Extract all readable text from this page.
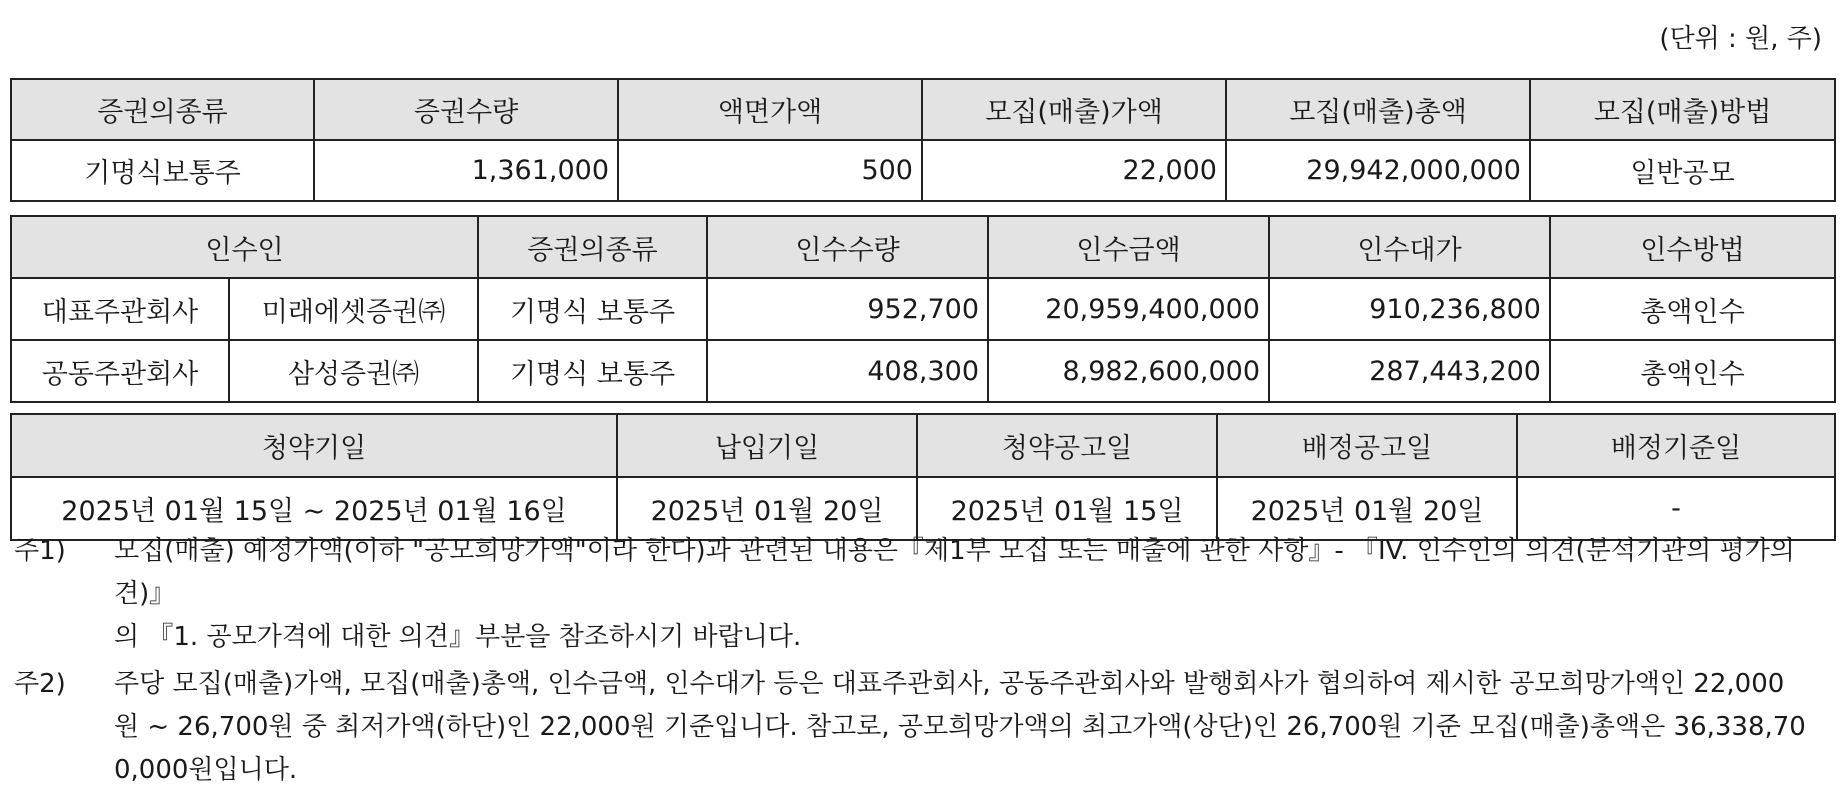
(단위 : 원, 주)
증권의종류	증권수량	액면가액	모집(매출)가액	모집(매출)총액	모집(매출)방법
기명식보통주	1,361,000	500	22,000	29,942,000,000	일반공모
인수인		증권의종류	인수수량	인수금액	인수대가	인수방법
대표주관회사	미래에셋증권㈜	기명식 보통주	952,700	20,959,400,000	910,236,800	총액인수
공동주관회사	삼성증권㈜	기명식 보통주	408,300	8,982,600,000	287,443,200	총액인수
청약기일	납입기일	청약공고일	배정공고일	배정기준일
2025년 01월 15일 ~ 2025년 01월 16일	2025년 01월 20일	2025년 01월 15일	2025년 01월 20일	-
주1) 모집(매출) 예정가액(이하 "공모희망가액"이라 한다)과 관련된 내용은『제1부 모집 또는 매출에 관한 사항』- 『IV. 인수인의 의견(분석기관의 평가의견)』
의 『1. 공모가격에 대한 의견』부분을 참조하시기 바랍니다.
주2) 주당 모집(매출)가액, 모집(매출)총액, 인수금액, 인수대가 등은 대표주관회사, 공동주관회사와 발행회사가 협의하여 제시한 공모희망가액인 22,000
원 ~ 26,700원 중 최저가액(하단)인 22,000원 기준입니다. 참고로, 공모희망가액의 최고가액(상단)인 26,700원 기준 모집(매출)총액은 36,338,70
0,000원입니다.
